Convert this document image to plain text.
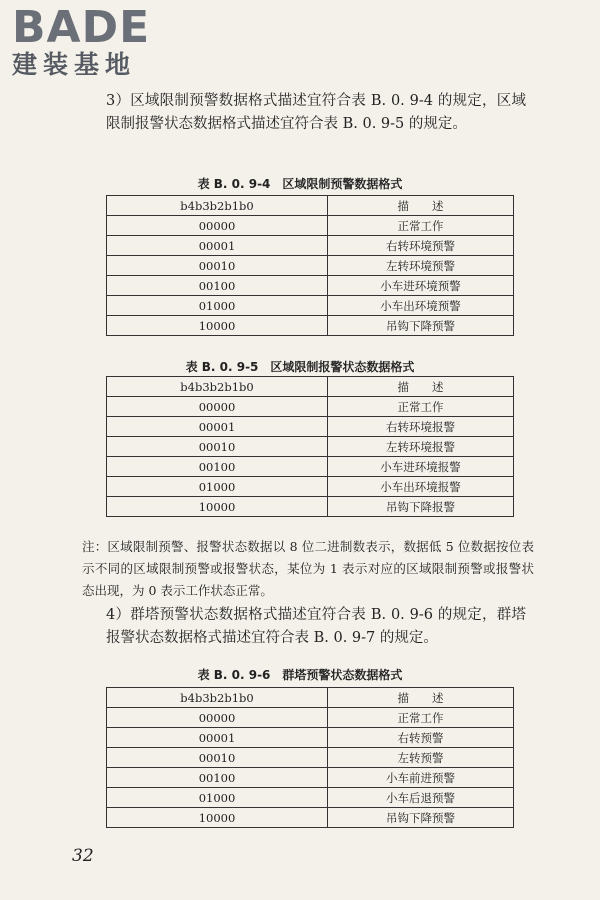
BADE
建装基地
3）区域限制预警数据格式描述宜符合表 B. 0. 9-4 的规定，区域限制报警状态数据格式描述宜符合表 B. 0. 9-5 的规定。
表 B. 0. 9-4　区域限制预警数据格式
b4b3b2b1b0	描　　述
00000	正常工作
00001	右转环境预警
00010	左转环境预警
00100	小车进环境预警
01000	小车出环境预警
10000	吊钩下降预警
表 B. 0. 9-5　区域限制报警状态数据格式
b4b3b2b1b0	描　　述
00000	正常工作
00001	右转环境报警
00010	左转环境报警
00100	小车进环境报警
01000	小车出环境报警
10000	吊钩下降报警
注：区域限制预警、报警状态数据以 8 位二进制数表示，数据低 5 位数据按位表示不同的区域限制预警或报警状态，某位为 1 表示对应的区域限制预警或报警状态出现，为 0 表示工作状态正常。
4）群塔预警状态数据格式描述宜符合表 B. 0. 9-6 的规定，群塔报警状态数据格式描述宜符合表 B. 0. 9-7 的规定。
表 B. 0. 9-6　群塔预警状态数据格式
b4b3b2b1b0	描　　述
00000	正常工作
00001	右转预警
00010	左转预警
00100	小车前进预警
01000	小车后退预警
10000	吊钩下降预警
32
